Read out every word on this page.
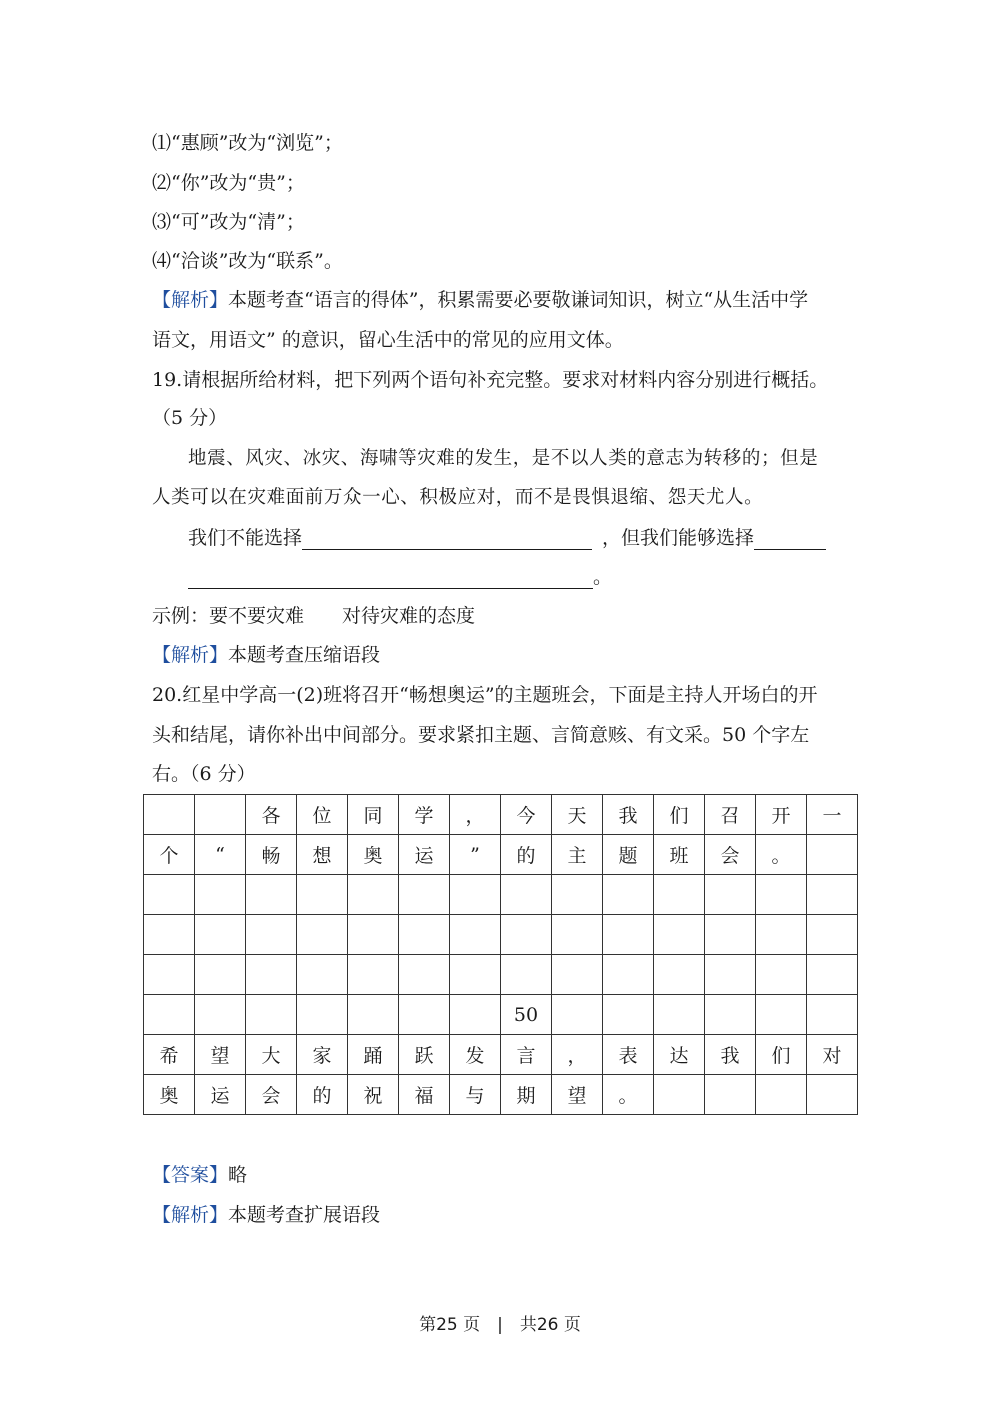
⑴“惠顾”改为“浏览”；
⑵“你”改为“贵”；
⑶“可”改为“清”；
⑷“洽谈”改为“联系”。
【解析】本题考查“语言的得体”，积累需要必要敬谦词知识，树立“从生活中学
语文，用语文” 的意识，留心生活中的常见的应用文体。
19.请根据所给材料，把下列两个语句补充完整。要求对材料内容分别进行概括。
（5 分）
地震、风灾、冰灾、海啸等灾难的发生，是不以人类的意志为转移的；但是
人类可以在灾难面前万众一心、积极应对，而不是畏惧退缩、怨天尤人。
我们不能选择	，但我们能够选择
。
示例：要不要灾难　　对待灾难的态度
【解析】本题考查压缩语段
20.红星中学高一(2)班将召开“畅想奥运”的主题班会，下面是主持人开场白的开
头和结尾，请你补出中间部分。要求紧扣主题、言简意赅、有文采。50 个字左
右。（6 分）
		各	位	同	学	，	今	天	我	们	召	开	一
个	“	畅	想	奥	运	”	的	主	题	班	会	。	

							50						
希	望	大	家	踊	跃	发	言	，	表	达	我	们	对
奥	运	会	的	祝	福	与	期	望	。				
【答案】略
【解析】本题考查扩展语段
第25 页　|　共26 页
